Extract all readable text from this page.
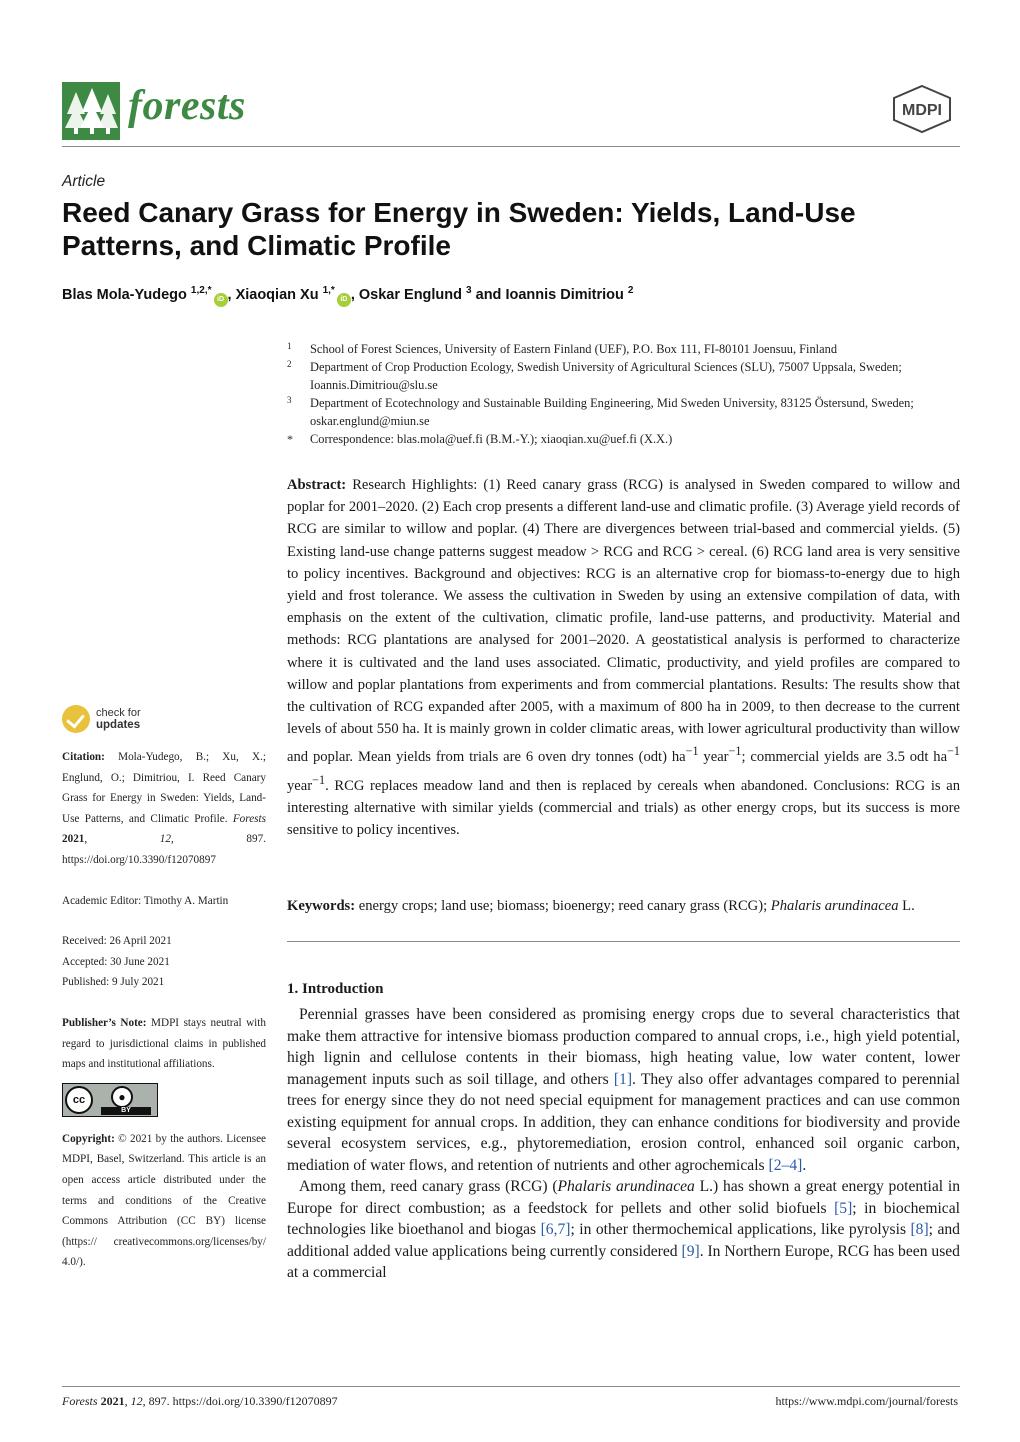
forests	MDPI
Article
Reed Canary Grass for Energy in Sweden: Yields, Land-Use Patterns, and Climatic Profile
Blas Mola-Yudego $^{1,2,*}$iD , Xiaoqian Xu $^{1,*}$iD , Oskar Englund $^3$ and Ioannis Dimitriou $^2$
1 School of Forest Sciences, University of Eastern Finland (UEF), P.O. Box 111, FI-80101 Joensuu, Finland
2 Department of Crop Production Ecology, Swedish University of Agricultural Sciences (SLU), 75007 Uppsala, Sweden; Ioannis.Dimitriou@slu.se
3 Department of Ecotechnology and Sustainable Building Engineering, Mid Sweden University, 83125 Östersund, Sweden; oskar.englund@miun.se
* Correspondence: blas.mola@uef.fi (B.M.-Y.); xiaoqian.xu@uef.fi (X.X.)
Abstract: Research Highlights: (1) Reed canary grass (RCG) is analysed in Sweden compared to willow and poplar for 2001–2020. (2) Each crop presents a different land-use and climatic profile. (3) Average yield records of RCG are similar to willow and poplar. (4) There are divergences between trial-based and commercial yields. (5) Existing land-use change patterns suggest meadow > RCG and RCG > cereal. (6) RCG land area is very sensitive to policy incentives. Background and objectives: RCG is an alternative crop for biomass-to-energy due to high yield and frost tolerance. We assess the cultivation in Sweden by using an extensive compilation of data, with emphasis on the extent of the cultivation, climatic profile, land-use patterns, and productivity. Material and methods: RCG plantations are analysed for 2001–2020. A geostatistical analysis is performed to characterize where it is cultivated and the land uses associated. Climatic, productivity, and yield profiles are compared to willow and poplar plantations from experiments and from commercial plantations. Results: The results show that the cultivation of RCG expanded after 2005, with a maximum of 800 ha in 2009, to then decrease to the current levels of about 550 ha. It is mainly grown in colder climatic areas, with lower agricultural productivity than willow and poplar. Mean yields from trials are 6 oven dry tonnes (odt) $ha^{-1}$ year$^{-1}$; commercial yields are 3.5 odt $ha^{-1}$ year$^{-1}$. RCG replaces meadow land and then is replaced by cereals when abandoned. Conclusions: RCG is an interesting alternative with similar yields (commercial and trials) as other energy crops, but its success is more sensitive to policy incentives.
Keywords: energy crops; land use; biomass; bioenergy; reed canary grass (RCG); Phalaris arundinacea L.
1. Introduction

Perennial grasses have been considered as promising energy crops due to several characteristics that make them attractive for intensive biomass production compared to annual crops, i.e., high yield potential, high lignin and cellulose contents in their biomass, high heating value, low water content, lower management inputs such as soil tillage, and others [1]. They also offer advantages compared to perennial trees for energy since they do not need special equipment for management practices and can use common existing equipment for annual crops. In addition, they can enhance conditions for biodiversity and provide several ecosystem services, e.g., phytoremediation, erosion control, enhanced soil organic carbon, mediation of water flows, and retention of nutrients and other agrochemicals [2–4].

Among them, reed canary grass (RCG) (Phalaris arundinacea L.) has shown a great energy potential in Europe for direct combustion; as a feedstock for pellets and other solid biofuels [5]; in biochemical technologies like bioethanol and biogas [6,7]; in other thermochemical applications, like pyrolysis [8]; and additional added value applications being currently considered [9]. In Northern Europe, RCG has been used at a commercial

check for
updates
Citation: Mola-Yudego, B.; Xu, X.; Englund, O.; Dimitriou, I. Reed Canary Grass for Energy in Sweden: Yields, Land-Use Patterns, and Climatic Profile. Forests 2021, 12, 897. https://doi.org/10.3390/f12070897
Academic Editor: Timothy A. Martin
Received: 26 April 2021
Accepted: 30 June 2021
Published: 9 July 2021
Publisher’s Note: MDPI stays neutral with regard to jurisdictional claims in published maps and institutional affiliations.
cc	●
BY
Copyright: © 2021 by the authors. Licensee MDPI, Basel, Switzerland. This article is an open access article distributed under the terms and conditions of the Creative Commons Attribution (CC BY) license (https:// creativecommons.org/licenses/by/ 4.0/).
Forests 2021, 12, 897. https://doi.org/10.3390/f12070897	https://www.mdpi.com/journal/forests
